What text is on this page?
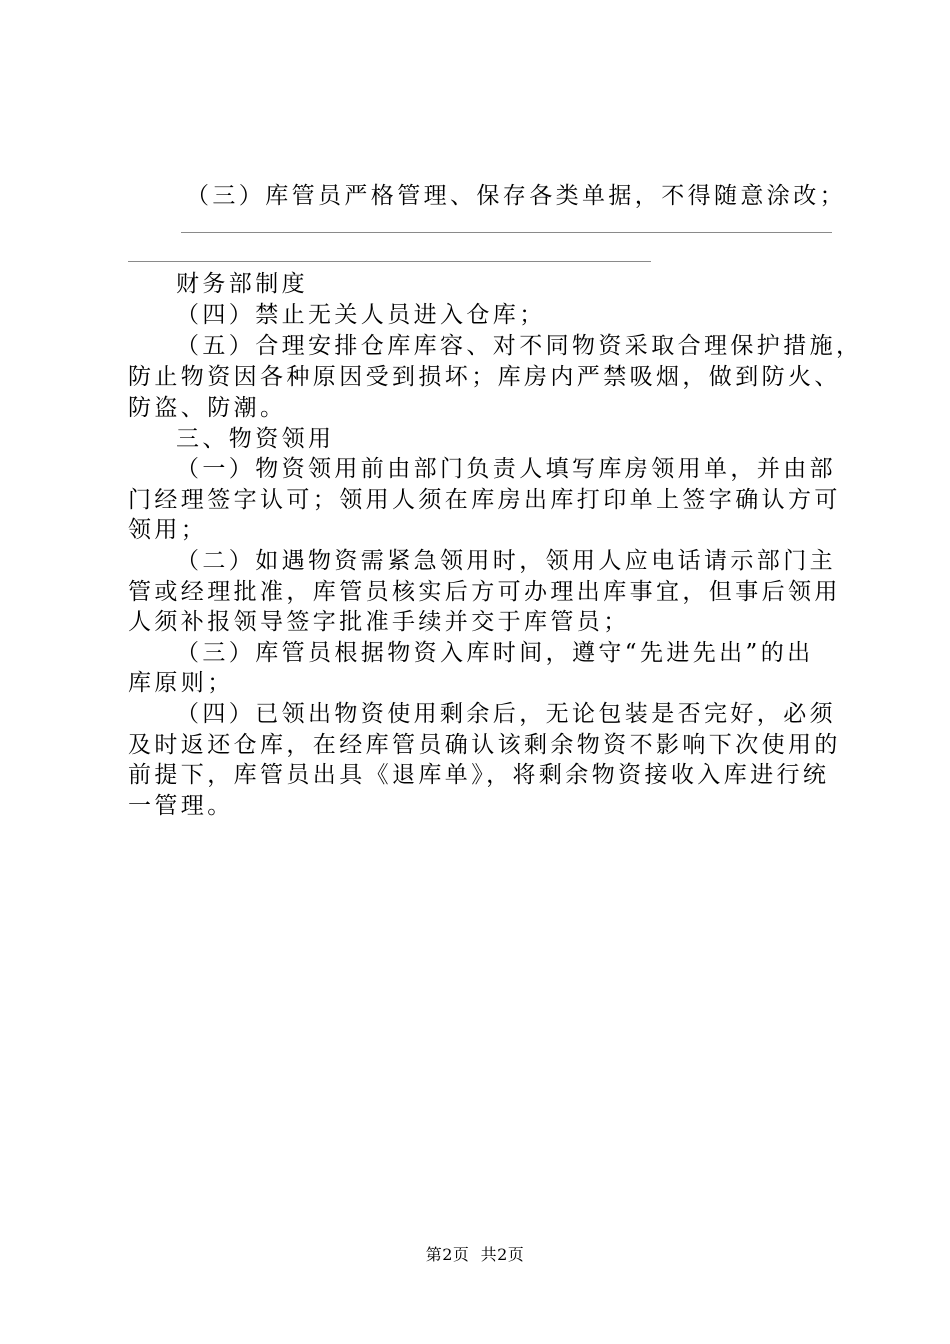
（三）库管员严格管理、保存各类单据，不得随意涂改；
财务部制度
（四）禁止无关人员进入仓库；
（五）合理安排仓库库容、对不同物资采取合理保护措施，
防止物资因各种原因受到损坏；库房内严禁吸烟，做到防火、
防盗、防潮。
三、物资领用
（一）物资领用前由部门负责人填写库房领用单，并由部
门经理签字认可；领用人须在库房出库打印单上签字确认方可
领用；
（二）如遇物资需紧急领用时，领用人应电话请示部门主
管或经理批准，库管员核实后方可办理出库事宜，但事后领用
人须补报领导签字批准手续并交于库管员；
（三）库管员根据物资入库时间，遵守“先进先出”的出
库原则；
（四）已领出物资使用剩余后，无论包装是否完好，必须
及时返还仓库，在经库管员确认该剩余物资不影响下次使用的
前提下，库管员出具《退库单》，将剩余物资接收入库进行统
一管理。
第2页  共2页
